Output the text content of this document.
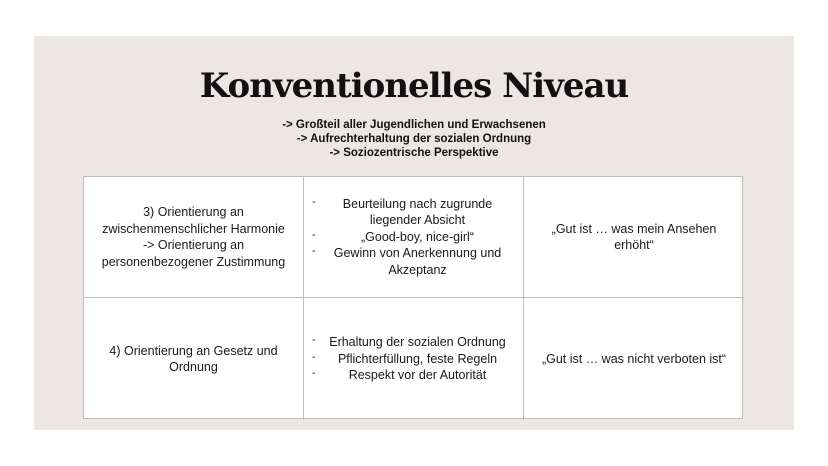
Konventionelles Niveau
-> Großteil aller Jugendlichen und Erwachsenen
-> Aufrechterhaltung der sozialen Ordnung
-> Soziozentrische Perspektive
3) Orientierung an
zwischenmenschlicher Harmonie
-> Orientierung an
personenbezogener Zustimmung
- Beurteilung nach zugrunde liegender Absicht
- „Good-boy, nice-girl“
- Gewinn von Anerkennung und Akzeptanz
„Gut ist … was mein Ansehen erhöht“
4) Orientierung an Gesetz und Ordnung
- Erhaltung der sozialen Ordnung
- Pflichterfüllung, feste Regeln
- Respekt vor der Autorität
„Gut ist … was nicht verboten ist“
